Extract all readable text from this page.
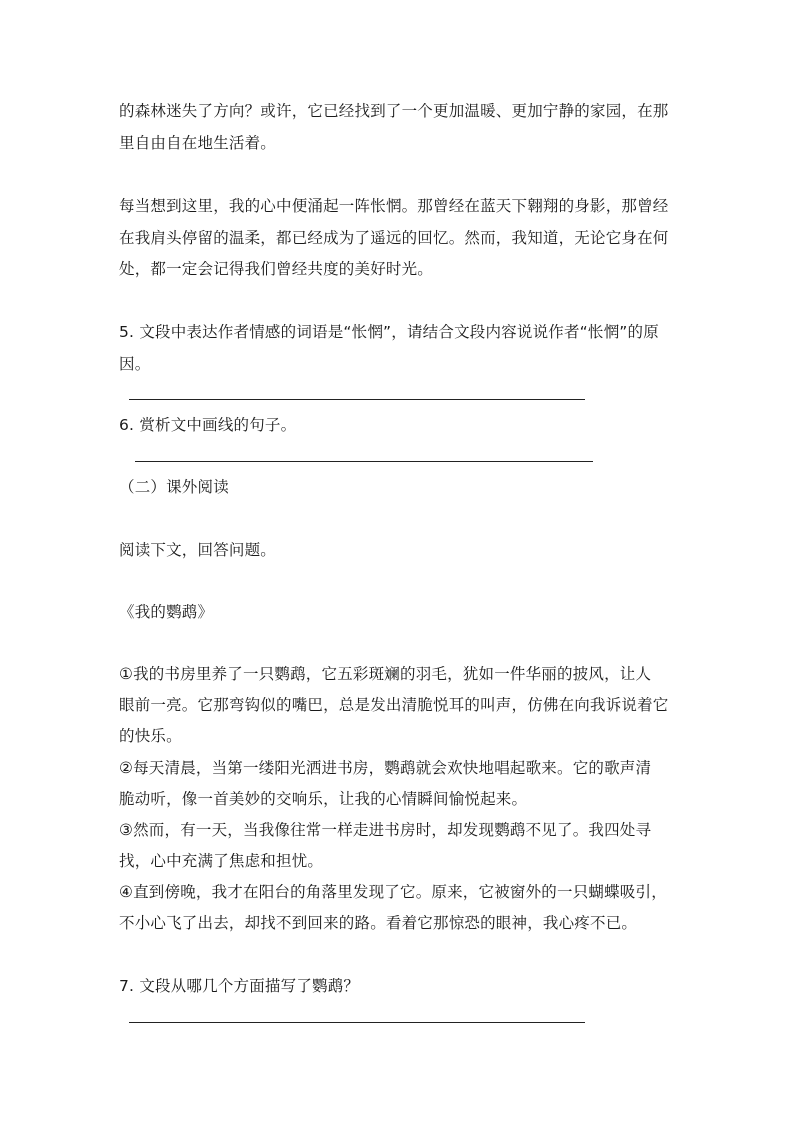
的森林迷失了方向？或许，它已经找到了一个更加温暖、更加宁静的家园，在那
里自由自在地生活着。
每当想到这里，我的心中便涌起一阵怅惘。那曾经在蓝天下翱翔的身影，那曾经
在我肩头停留的温柔，都已经成为了遥远的回忆。然而，我知道，无论它身在何
处，都一定会记得我们曾经共度的美好时光。
5. 文段中表达作者情感的词语是“怅惘”，请结合文段内容说说作者“怅惘”的原
因。
6. 赏析文中画线的句子。
（二）课外阅读
阅读下文，回答问题。
《我的鹦鹉》
①我的书房里养了一只鹦鹉，它五彩斑斓的羽毛，犹如一件华丽的披风，让人
眼前一亮。它那弯钩似的嘴巴，总是发出清脆悦耳的叫声，仿佛在向我诉说着它
的快乐。
②每天清晨，当第一缕阳光洒进书房，鹦鹉就会欢快地唱起歌来。它的歌声清
脆动听，像一首美妙的交响乐，让我的心情瞬间愉悦起来。
③然而，有一天，当我像往常一样走进书房时，却发现鹦鹉不见了。我四处寻
找，心中充满了焦虑和担忧。
④直到傍晚，我才在阳台的角落里发现了它。原来，它被窗外的一只蝴蝶吸引，
不小心飞了出去，却找不到回来的路。看着它那惊恐的眼神，我心疼不已。
7. 文段从哪几个方面描写了鹦鹉？
